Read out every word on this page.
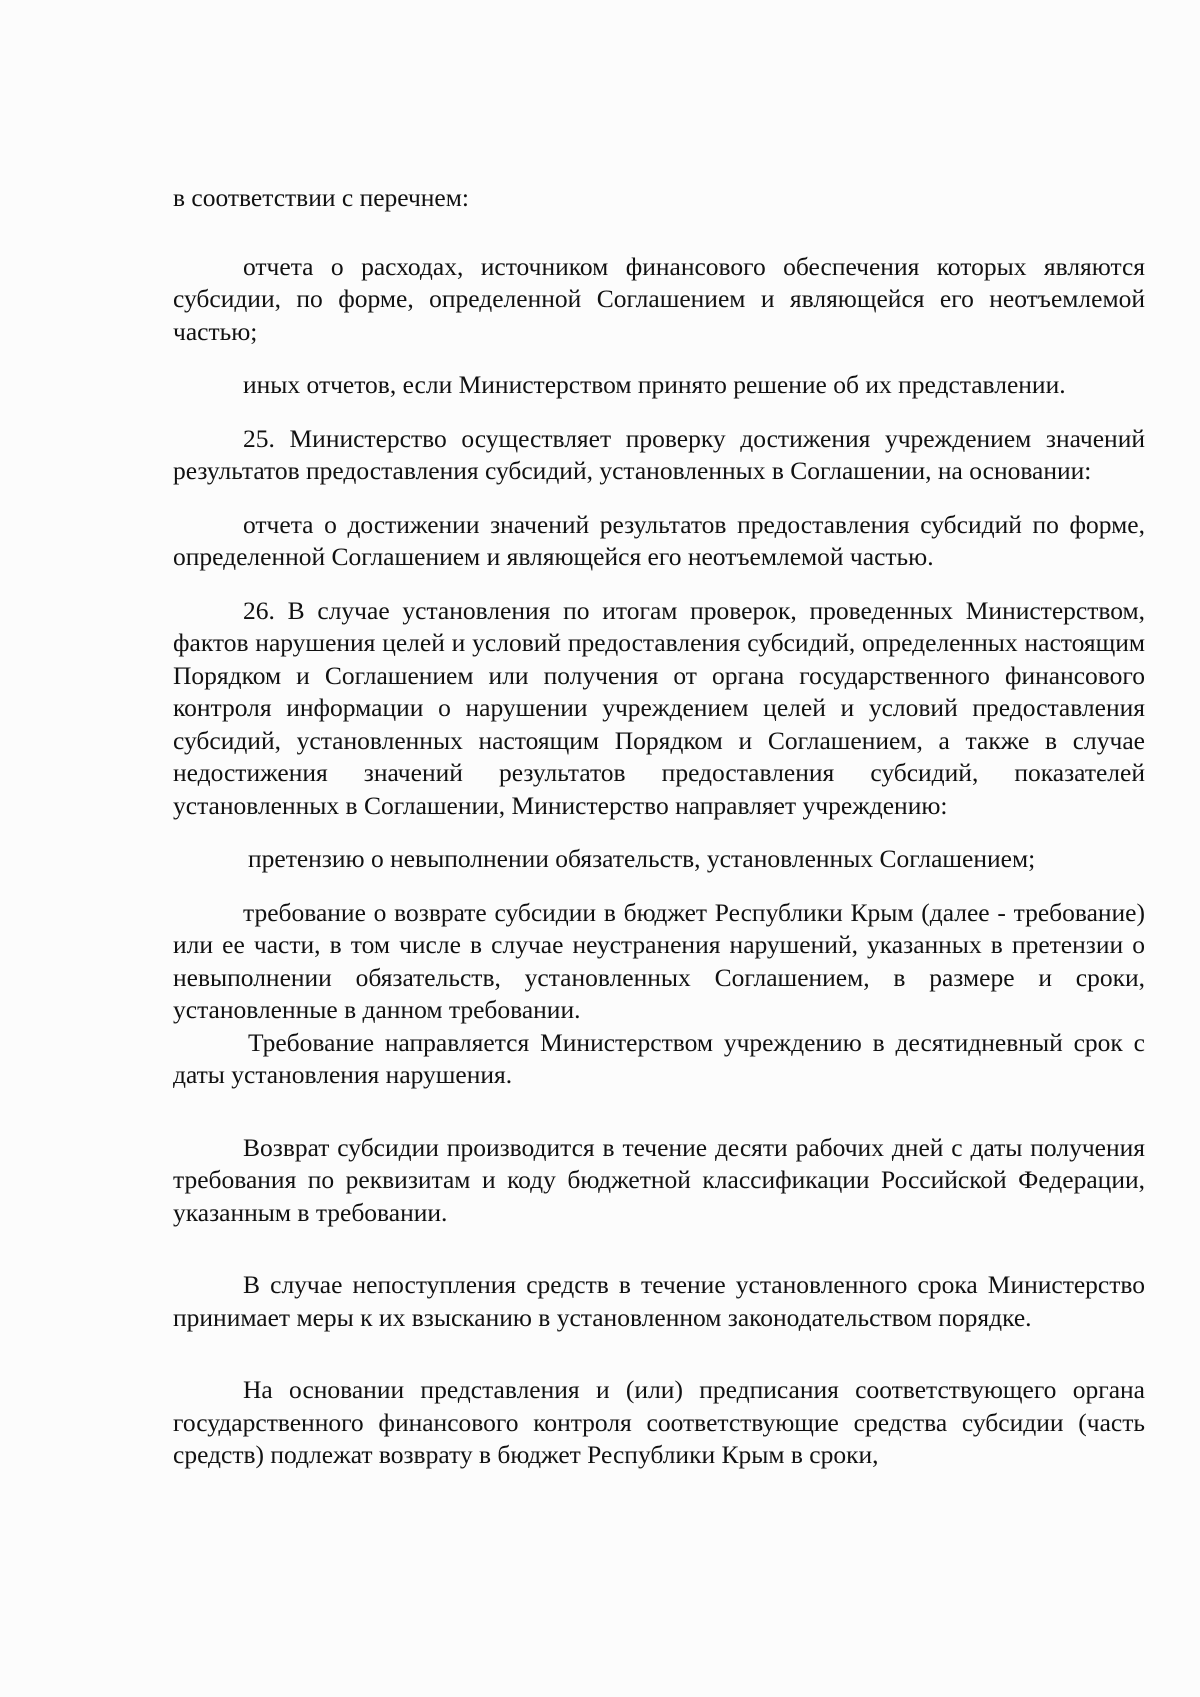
в соответствии с перечнем:

отчета о расходах, источником финансового обеспечения которых являются субсидии, по форме, определенной Соглашением и являющейся его неотъемлемой частью;

иных отчетов, если Министерством принято решение об их представлении.

25. Министерство осуществляет проверку достижения учреждением значений результатов предоставления субсидий, установленных в Соглашении, на основании:

отчета о достижении значений результатов предоставления субсидий по форме, определенной Соглашением и являющейся его неотъемлемой частью.

26. В случае установления по итогам проверок, проведенных Министерством, фактов нарушения целей и условий предоставления субсидий, определенных настоящим Порядком и Соглашением или получения от органа государственного финансового контроля информации о нарушении учреждением целей и условий предоставления субсидий, установленных настоящим Порядком и Соглашением, а также в случае недостижения значений результатов предоставления субсидий, показателей установленных в Соглашении, Министерство направляет учреждению:

претензию о невыполнении обязательств, установленных Соглашением;

требование о возврате субсидии в бюджет Республики Крым (далее - требование) или ее части, в том числе в случае неустранения нарушений, указанных в претензии о невыполнении обязательств, установленных Соглашением, в размере и сроки, установленные в данном требовании.

Требование направляется Министерством учреждению в десятидневный срок с даты установления нарушения.

Возврат субсидии производится в течение десяти рабочих дней с даты получения требования по реквизитам и коду бюджетной классификации Российской Федерации, указанным в требовании.

В случае непоступления средств в течение установленного срока Министерство принимает меры к их взысканию в установленном законодательством порядке.

На основании представления и (или) предписания соответствующего органа государственного финансового контроля соответствующие средства субсидии (часть средств) подлежат возврату в бюджет Республики Крым в сроки,
